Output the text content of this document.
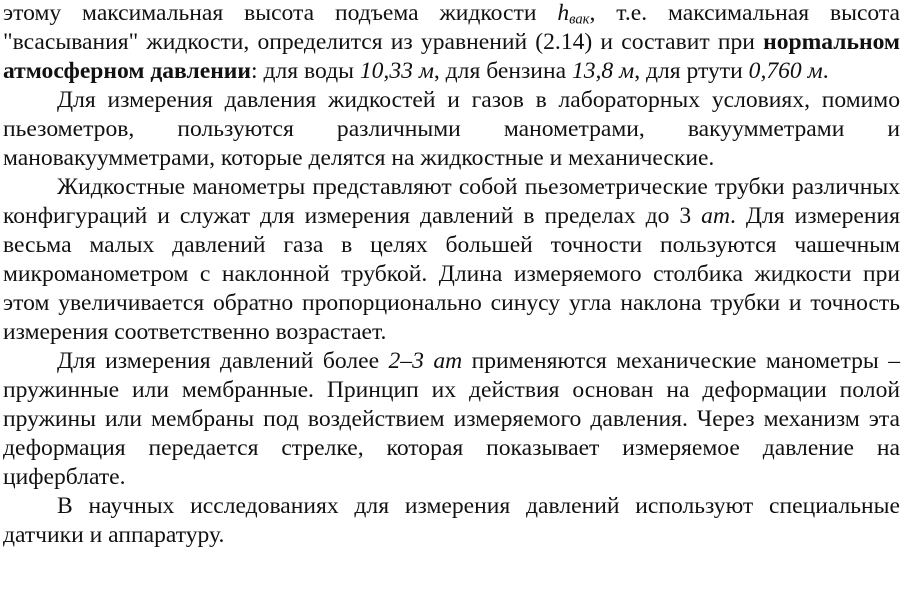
этому максимальная высота подъема жидкости $h_{вак}$, т.е. максимальная высота "всасывания" жидкости, определится из уравнений (2.14) и составит при норmальном атмосферном давлении: для воды 10,33 м, для бензина 13,8 м, для ртути 0,760 м.

Для измерения давления жидкостей и газов в лабораторных условиях, помимо пьезометров, пользуются различными манометрами, вакуумметрами и мановакуумметрами, которые делятся на жидкостные и механические.

Жидкостные манометры представляют собой пьезометрические трубки различных конфигураций и служат для измерения давлений в пределах до 3 ат. Для измерения весьма малых давлений газа в целях большей точности пользуются чашечным микроманометром с наклонной трубкой. Длина измеряемого столбика жидкости при этом увеличивается обратно пропорционально синусу угла наклона трубки и точность измерения соответственно возрастает.

Для измерения давлений более 2–3 ат применяются механические манометры – пружинные или мембранные. Принцип их действия основан на деформации полой пружины или мембраны под воздействием измеряемого давления. Через механизм эта деформация передается стрелке, которая показывает измеряемое давление на циферблате.

В научных исследованиях для измерения давлений используют специальные датчики и аппаратуру.
